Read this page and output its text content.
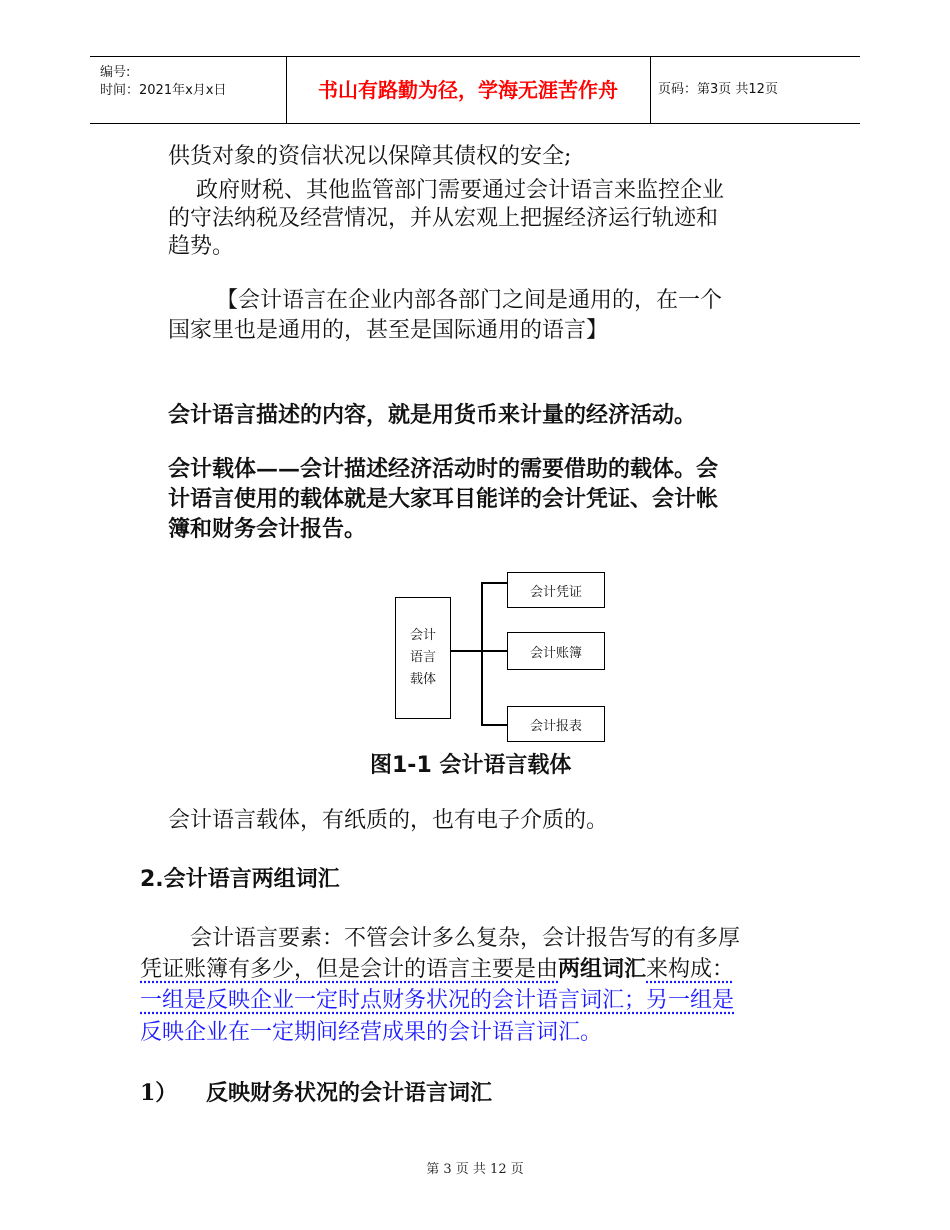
编号:
时间：2021年x月x日	书山有路勤为径，学海无涯苦作舟	页码：第3页 共12页
供货对象的资信状况以保障其债权的安全;
政府财税、其他监管部门需要通过会计语言来监控企业
的守法纳税及经营情况，并从宏观上把握经济运行轨迹和
趋势。
【会计语言在企业内部各部门之间是通用的，在一个
国家里也是通用的，甚至是国际通用的语言】
会计语言描述的内容，就是用货币来计量的经济活动。
会计载体——会计描述经济活动时的需要借助的载体。会
计语言使用的载体就是大家耳目能详的会计凭证、会计帐
簿和财务会计报告。
会计
语言
载体
会计凭证
会计账簿
会计报表
图1-1 会计语言载体
会计语言载体，有纸质的，也有电子介质的。
2.会计语言两组词汇
会计语言要素：不管会计多么复杂，会计报告写的有多厚
凭证账簿有多少，但是会计的语言主要是由两组词汇来构成：
一组是反映企业一定时点财务状况的会计语言词汇；另一组是
反映企业在一定期间经营成果的会计语言词汇。
1） 反映财务状况的会计语言词汇
第 3 页 共 12 页
